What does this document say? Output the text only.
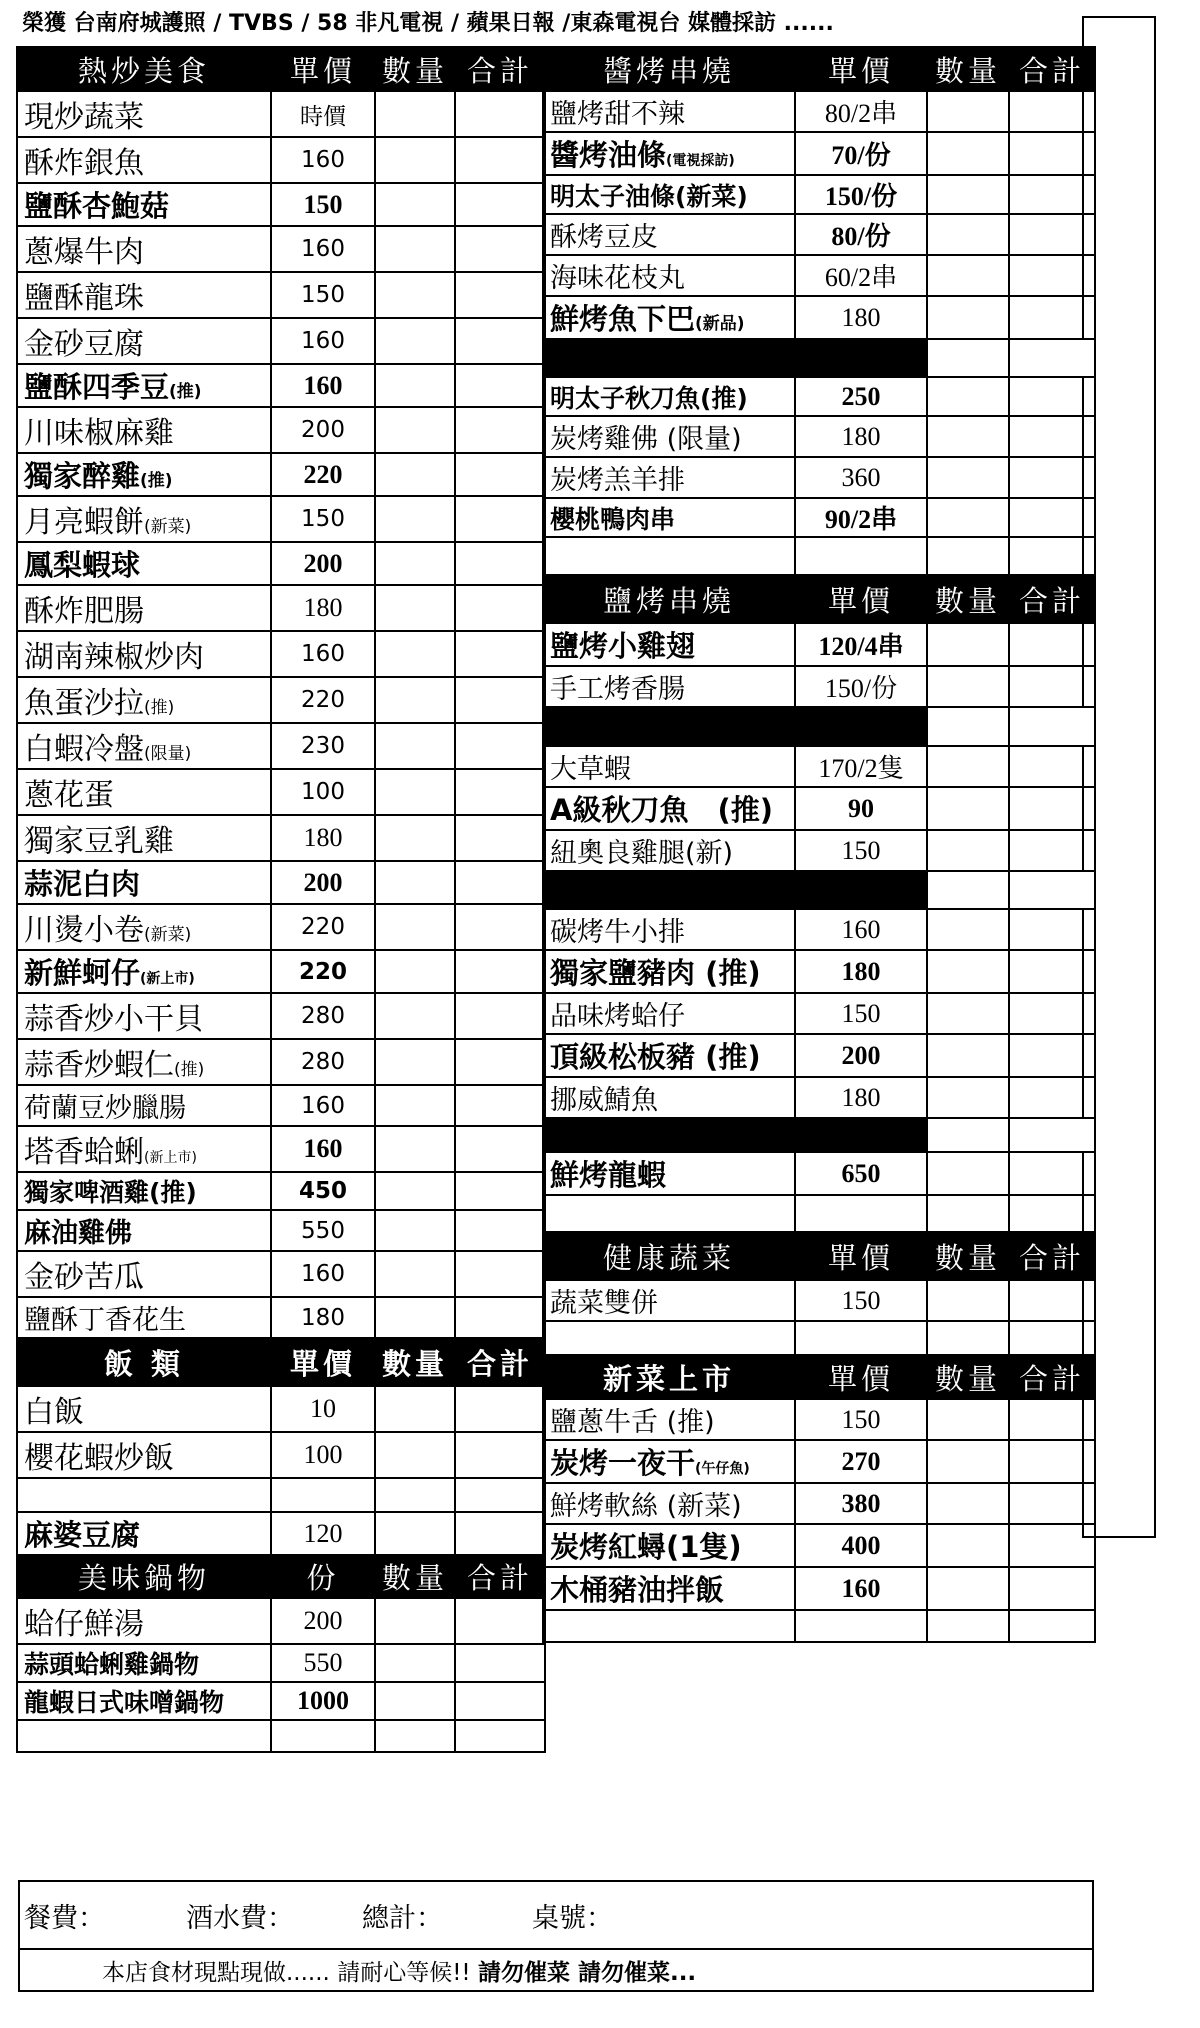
榮獲 台南府城護照 / TVBS / 58 非凡電視 / 蘋果日報 /東森電視台 媒體採訪 ......
熱炒美食	單價	數量	合計
現炒蔬菜	時價		
酥炸銀魚	160		
鹽酥杏鮑菇	150		
蔥爆牛肉	160		
鹽酥龍珠	150		
金砂豆腐	160		
鹽酥四季豆(推)	160		
川味椒麻雞	200		
獨家醉雞(推)	220		
月亮蝦餅(新菜)	150		
鳳梨蝦球	200		
酥炸肥腸	180		
湖南辣椒炒肉	160		
魚蛋沙拉(推)	220		
白蝦冷盤(限量)	230		
蔥花蛋	100		
獨家豆乳雞	180		
蒜泥白肉	200		
川燙小卷(新菜)	220		
新鮮蚵仔(新上市)	220		
蒜香炒小干貝	280		
蒜香炒蝦仁(推)	280		
荷蘭豆炒臘腸	160		
塔香蛤蜊(新上市)	160		
獨家啤酒雞(推)	450		
麻油雞佛	550		
金砂苦瓜	160		
鹽酥丁香花生	180		
飯 類	單價	數量	合計
白飯	10		
櫻花蝦炒飯	100		

麻婆豆腐	120		
美味鍋物	份	數量	合計
蛤仔鮮湯	200		
蒜頭蛤蜊雞鍋物	550		
龍蝦日式味噌鍋物	1000		

醬烤串燒	單價	數量	合計
鹽烤甜不辣	80/2串		
醬烤油條(電視採訪)	70/份		
明太子油條(新菜)	150/份		
酥烤豆皮	80/份		
海味花枝丸	60/2串		
鮮烤魚下巴(新品)	180		

明太子秋刀魚(推)	250		
炭烤雞佛 (限量)	180		
炭烤羔羊排	360		
櫻桃鴨肉串	90/2串		

鹽烤串燒	單價	數量	合計
鹽烤小雞翅	120/4串		
手工烤香腸	150/份		

大草蝦	170/2隻		
A級秋刀魚　(推)	90		
紐奧良雞腿(新)	150		

碳烤牛小排	160		
獨家鹽豬肉 (推)	180		
品味烤蛤仔	150		
頂級松板豬 (推)	200		
挪威鯖魚	180		

鮮烤龍蝦	650		

健康蔬菜	單價	數量	合計
蔬菜雙併	150		

新菜上市	單價	數量	合計
鹽蔥牛舌 (推)	150		
炭烤一夜干(午仔魚)	270		
鮮烤軟絲 (新菜)	380		
炭烤紅蟳(1隻)	400		
木桶豬油拌飯	160		

餐費：	酒水費：	總計：	桌號：
本店食材現點現做...... 請耐心等候!! 請勿催菜 請勿催菜...
